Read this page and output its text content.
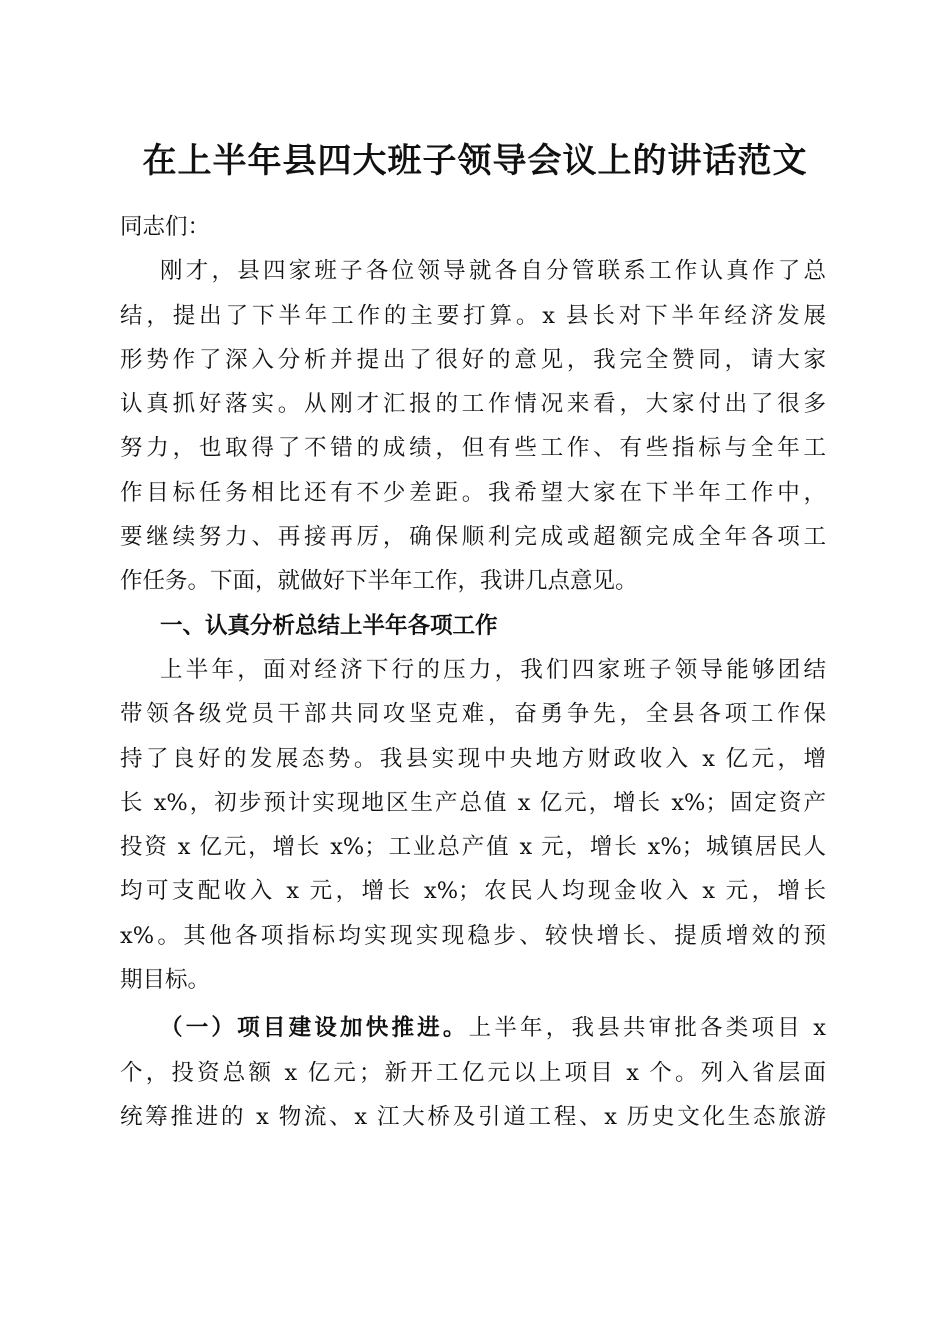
在上半年县四大班子领导会议上的讲话范文
同志们：
刚才，县四家班子各位领导就各自分管联系工作认真作了总
结，提出了下半年工作的主要打算。x 县长对下半年经济发展
形势作了深入分析并提出了很好的意见，我完全赞同，请大家
认真抓好落实。从刚才汇报的工作情况来看，大家付出了很多
努力，也取得了不错的成绩，但有些工作、有些指标与全年工
作目标任务相比还有不少差距。我希望大家在下半年工作中，
要继续努力、再接再厉，确保顺利完成或超额完成全年各项工
作任务。下面，就做好下半年工作，我讲几点意见。
一、认真分析总结上半年各项工作
上半年，面对经济下行的压力，我们四家班子领导能够团结
带领各级党员干部共同攻坚克难，奋勇争先，全县各项工作保
持了良好的发展态势。我县实现中央地方财政收入 x 亿元，增
长 x%，初步预计实现地区生产总值 x 亿元，增长 x%；固定资产
投资 x 亿元，增长 x%；工业总产值 x 元，增长 x%；城镇居民人
均可支配收入 x 元，增长 x%；农民人均现金收入 x 元，增长
x%。其他各项指标均实现实现稳步、较快增长、提质增效的预
期目标。
（一）项目建设加快推进。上半年，我县共审批各类项目 x
个，投资总额 x 亿元；新开工亿元以上项目 x 个。列入省层面
统筹推进的 x 物流、x 江大桥及引道工程、x 历史文化生态旅游
